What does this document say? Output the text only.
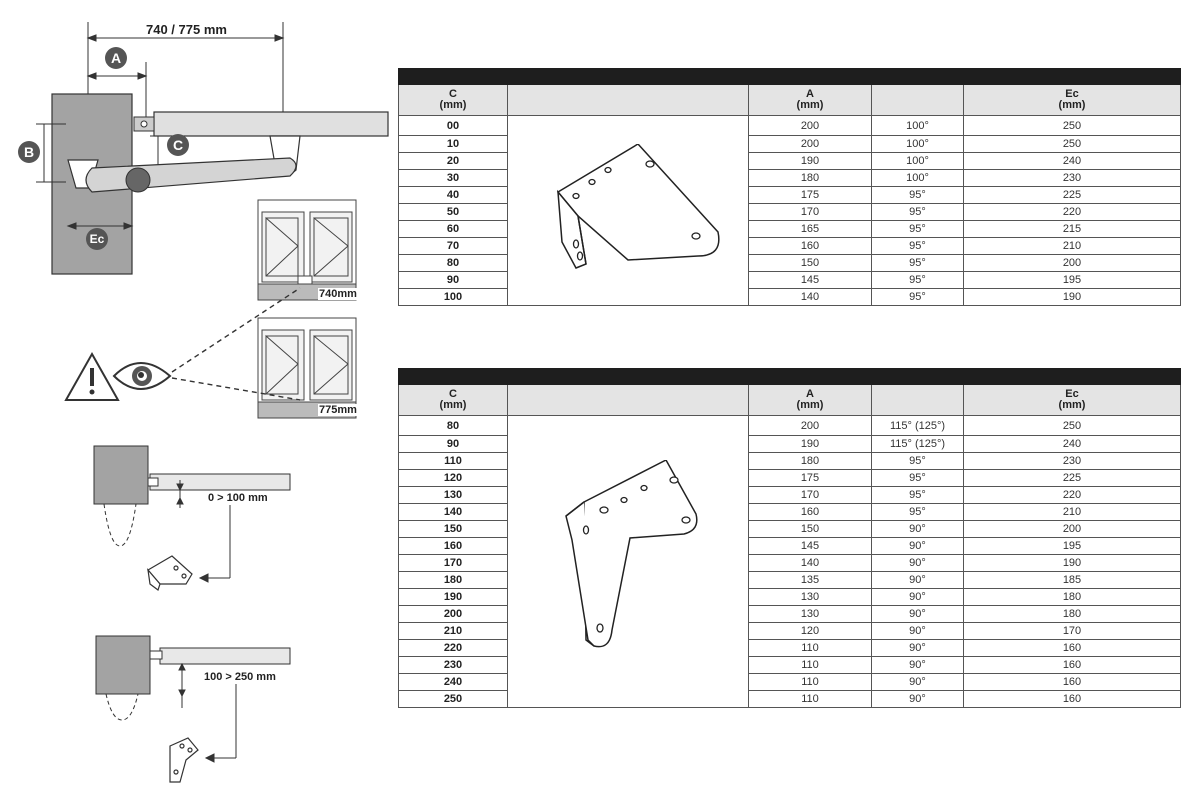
740 / 775 mm
A
B	C
Ec
740mm
775mm
0 > 100 mm
100 > 250 mm

C
(mm)		A
(mm)		Ec
(mm)
00		200	100°	250
10		200	100°	250
20		190	100°	240
30		180	100°	230
40		175	95°	225
50		170	95°	220
60		165	95°	215
70		160	95°	210
80		150	95°	200
90		145	95°	195
100		140	95°	190

C
(mm)		A
(mm)		Ec
(mm)
80		200	115° (125°)	250
90		190	115° (125°)	240
110		180	95°	230
120		175	95°	225
130		170	95°	220
140		160	95°	210
150		150	90°	200
160		145	90°	195
170		140	90°	190
180		135	90°	185
190		130	90°	180
200		130	90°	180
210		120	90°	170
220		110	90°	160
230		110	90°	160
240		110	90°	160
250		110	90°	160
